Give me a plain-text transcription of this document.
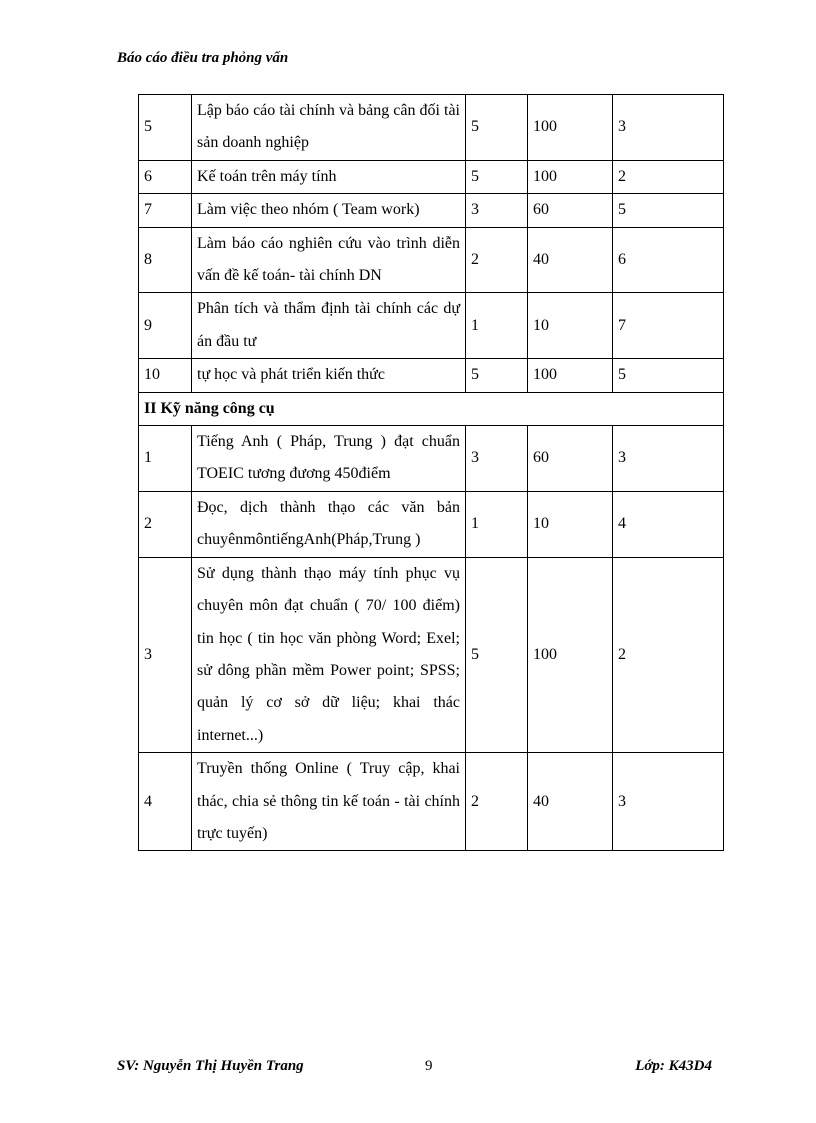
Báo cáo điều tra phỏng vấn
5	Lập báo cáo tài chính và bảng cân đối tài sản doanh nghiệp	5	100	3
6	Kế toán trên máy tính	5	100	2
7	Làm việc theo nhóm ( Team work)	3	60	5
8	Làm báo cáo nghiên cứu vào trình diễn vấn đề kế toán- tài chính DN	2	40	6
9	Phân tích và thẩm định tài chính các dự án đầu tư	1	10	7
10	tự học và phát triển kiến thức	5	100	5
II Kỹ năng công cụ				
1	Tiếng Anh ( Pháp, Trung ) đạt chuẩn TOEIC tương đương 450điểm	3	60	3
2	Đọc, dịch thành thạo các văn bản chuyênmôntiếngAnh(Pháp,Trung )	1	10	4
3	Sử dụng thành thạo máy tính phục vụ chuyên môn đạt chuẩn ( 70/ 100 điểm) tin học ( tin học văn phòng Word; Exel; sử dông phần mềm Power point; SPSS; quản lý cơ sở dữ liệu; khai thác internet...)	5	100	2
4	Truyền thống Online ( Truy cập, khai thác, chia sẻ thông tin kế toán - tài chính trực tuyến)	2	40	3
SV: Nguyễn Thị Huyền Trang	9	Lớp: K43D4
